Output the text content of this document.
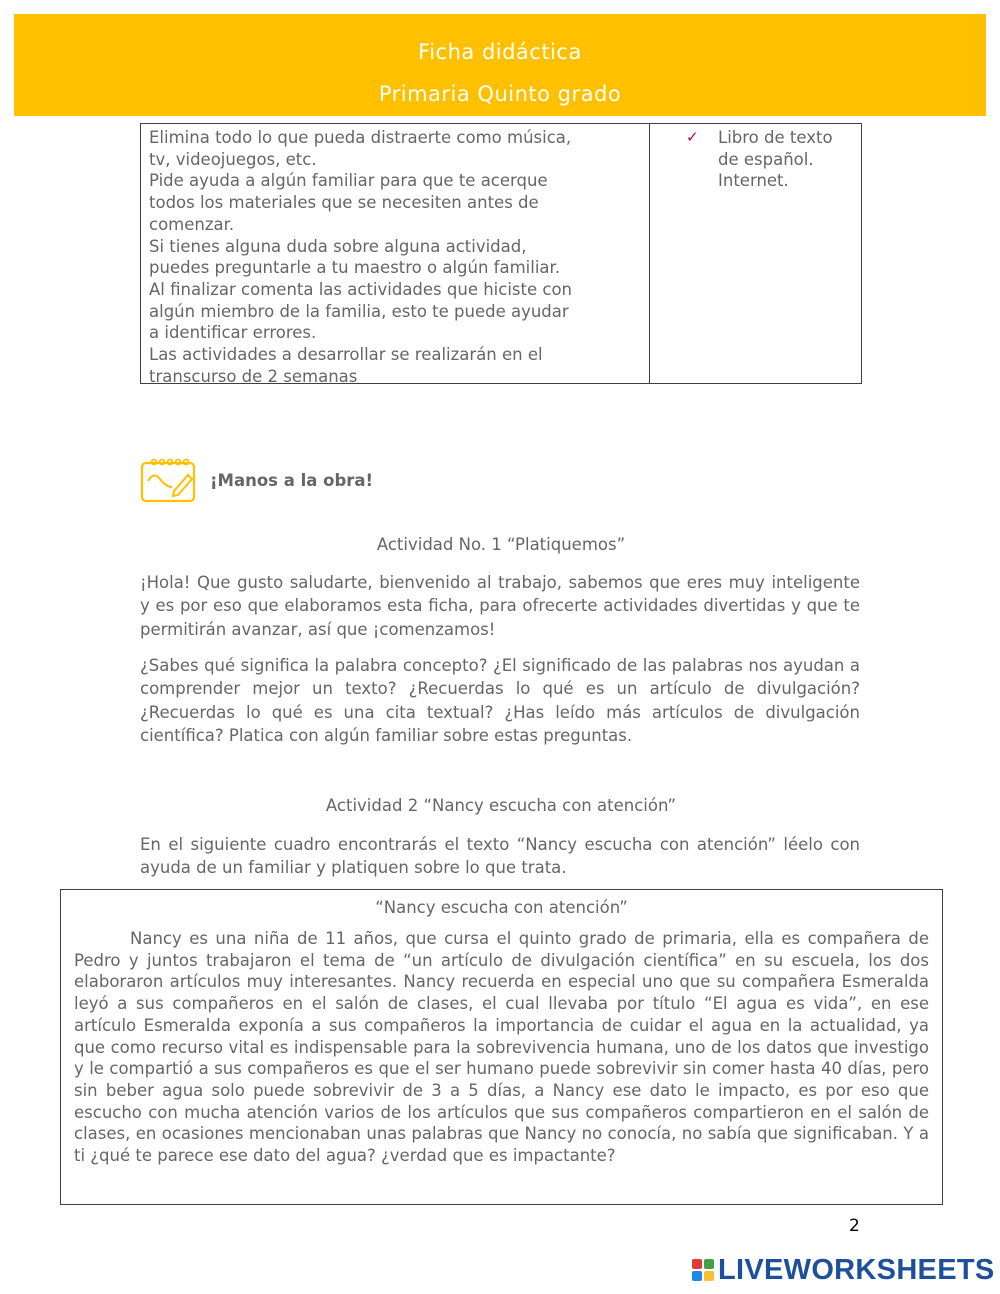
Ficha didáctica
Primaria Quinto grado
Elimina todo lo que pueda distraerte como música,
tv, videojuegos, etc.
Pide ayuda a algún familiar para que te acerque
todos los materiales que se necesiten antes de
comenzar.
Si tienes alguna duda sobre alguna actividad,
puedes preguntarle a tu maestro o algún familiar.
Al finalizar comenta las actividades que hiciste con
algún miembro de la familia, esto te puede ayudar
a identificar errores.
Las actividades a desarrollar se realizarán en el
transcurso de 2 semanas
✓	Libro de texto
de español.
Internet.
¡Manos a la obra!
Actividad No. 1 “Platiquemos”
¡Hola! Que gusto saludarte, bienvenido al trabajo, sabemos que eres muy inteligente y es por eso que elaboramos esta ficha, para ofrecerte actividades divertidas y que te permitirán avanzar, así que ¡comenzamos!
¿Sabes qué significa la palabra concepto? ¿El significado de las palabras nos ayudan a comprender mejor un texto? ¿Recuerdas lo qué es un artículo de divulgación? ¿Recuerdas lo qué es una cita textual? ¿Has leído más artículos de divulgación científica? Platica con algún familiar sobre estas preguntas.
Actividad 2 “Nancy escucha con atención”
En el siguiente cuadro encontrarás el texto “Nancy escucha con atención” léelo con ayuda de un familiar y platiquen sobre lo que trata.
“Nancy escucha con atención”
Nancy es una niña de 11 años, que cursa el quinto grado de primaria, ella es compañera de Pedro y juntos trabajaron el tema de “un artículo de divulgación científica” en su escuela, los dos elaboraron artículos muy interesantes. Nancy recuerda en especial uno que su compañera Esmeralda leyó a sus compañeros en el salón de clases, el cual llevaba por título “El agua es vida”, en ese artículo Esmeralda exponía a sus compañeros la importancia de cuidar el agua en la actualidad, ya que como recurso vital es indispensable para la sobrevivencia humana, uno de los datos que investigo y le compartió a sus compañeros es que el ser humano puede sobrevivir sin comer hasta 40 días, pero sin beber agua solo puede sobrevivir de 3 a 5 días, a Nancy ese dato le impacto, es por eso que escucho con mucha atención varios de los artículos que sus compañeros compartieron en el salón de clases, en ocasiones mencionaban unas palabras que Nancy no conocía, no sabía que significaban. Y a ti ¿qué te parece ese dato del agua? ¿verdad que es impactante?
2
LIVEWORKSHEETS
